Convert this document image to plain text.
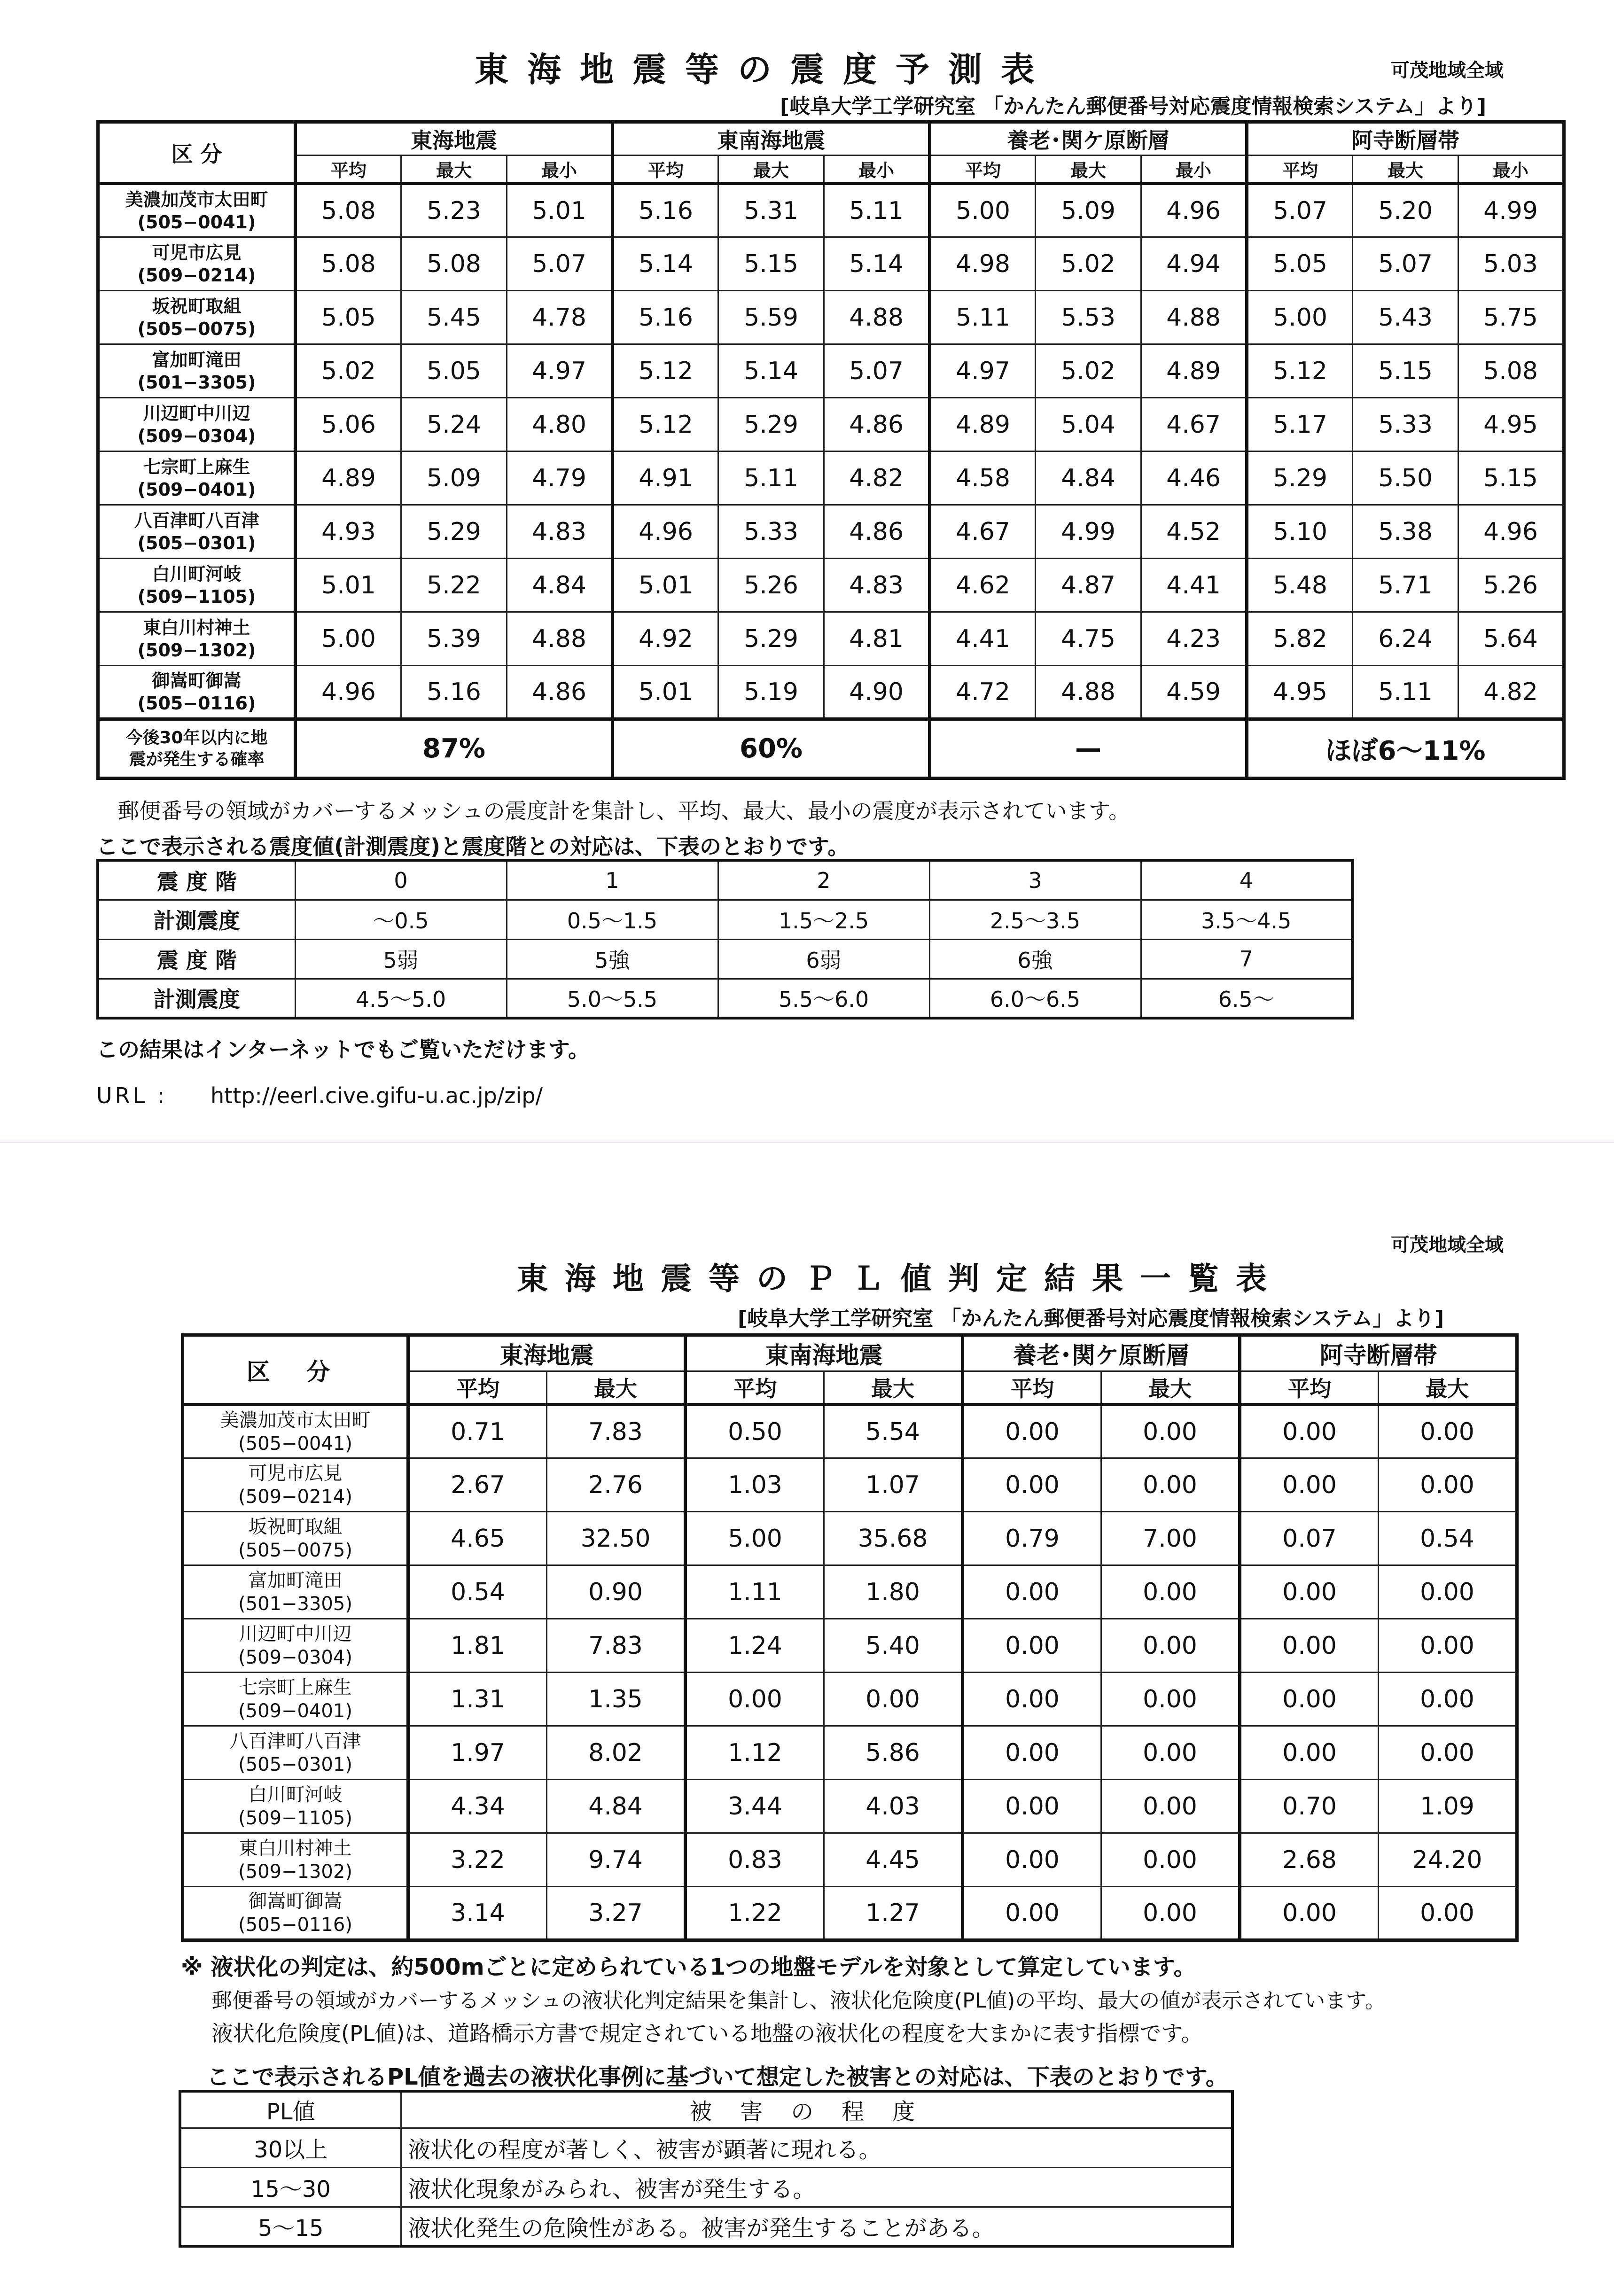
東海地震等の震度予測表	可茂地域全域
[岐阜大学工学研究室 「かんたん郵便番号対応震度情報検索システム」より]
区 分	東海地震			東南海地震			養老･関ケ原断層			阿寺断層帯		
	平均	最大	最小	平均	最大	最小	平均	最大	最小	平均	最大	最小

美濃加茂市太田町
(505−0041)	5.08	5.23	5.01	5.16	5.31	5.11	5.00	5.09	4.96	5.07	5.20	4.99

可児市広見
(509−0214)	5.08	5.08	5.07	5.14	5.15	5.14	4.98	5.02	4.94	5.05	5.07	5.03

坂祝町取組
(505−0075)	5.05	5.45	4.78	5.16	5.59	4.88	5.11	5.53	4.88	5.00	5.43	5.75

富加町滝田
(501−3305)	5.02	5.05	4.97	5.12	5.14	5.07	4.97	5.02	4.89	5.12	5.15	5.08

川辺町中川辺
(509−0304)	5.06	5.24	4.80	5.12	5.29	4.86	4.89	5.04	4.67	5.17	5.33	4.95

七宗町上麻生
(509−0401)	4.89	5.09	4.79	4.91	5.11	4.82	4.58	4.84	4.46	5.29	5.50	5.15

八百津町八百津
(505−0301)	4.93	5.29	4.83	4.96	5.33	4.86	4.67	4.99	4.52	5.10	5.38	4.96

白川町河岐
(509−1105)	5.01	5.22	4.84	5.01	5.26	4.83	4.62	4.87	4.41	5.48	5.71	5.26

東白川村神土
(509−1302)	5.00	5.39	4.88	4.92	5.29	4.81	4.41	4.75	4.23	5.82	6.24	5.64

御嵩町御嵩
(505−0116)	4.96	5.16	4.86	5.01	5.19	4.90	4.72	4.88	4.59	4.95	5.11	4.82

今後30年以内に地
震が発生する確率	87%			60%			—			ほぼ6〜11%		
郵便番号の領域がカバーするメッシュの震度計を集計し、平均、最大、最小の震度が表示されています。
ここで表示される震度値(計測震度)と震度階との対応は、下表のとおりです。
震 度 階	0	1	2	3	4
計測震度	〜0.5	0.5〜1.5	1.5〜2.5	2.5〜3.5	3.5〜4.5
震 度 階	5弱	5強	6弱	6強	7
計測震度	4.5〜5.0	5.0〜5.5	5.5〜6.0	6.0〜6.5	6.5〜
この結果はインターネットでもご覧いただけます。
URL : http://eerl.cive.gifu-u.ac.jp/zip/
可茂地域全域
東海地震等のＰＬ値判定結果一覧表
[岐阜大学工学研究室 「かんたん郵便番号対応震度情報検索システム」より]
区 分	東海地震		東南海地震		養老･関ケ原断層		阿寺断層帯	
	平均	最大	平均	最大	平均	最大	平均	最大

美濃加茂市太田町
(505−0041)	0.71	7.83	0.50	5.54	0.00	0.00	0.00	0.00

可児市広見
(509−0214)	2.67	2.76	1.03	1.07	0.00	0.00	0.00	0.00

坂祝町取組
(505−0075)	4.65	32.50	5.00	35.68	0.79	7.00	0.07	0.54

富加町滝田
(501−3305)	0.54	0.90	1.11	1.80	0.00	0.00	0.00	0.00

川辺町中川辺
(509−0304)	1.81	7.83	1.24	5.40	0.00	0.00	0.00	0.00

七宗町上麻生
(509−0401)	1.31	1.35	0.00	0.00	0.00	0.00	0.00	0.00

八百津町八百津
(505−0301)	1.97	8.02	1.12	5.86	0.00	0.00	0.00	0.00

白川町河岐
(509−1105)	4.34	4.84	3.44	4.03	0.00	0.00	0.70	1.09

東白川村神土
(509−1302)	3.22	9.74	0.83	4.45	0.00	0.00	2.68	24.20

御嵩町御嵩
(505−0116)	3.14	3.27	1.22	1.27	0.00	0.00	0.00	0.00
※ 液状化の判定は、約500mごとに定められている1つの地盤モデルを対象として算定しています。
郵便番号の領域がカバーするメッシュの液状化判定結果を集計し、液状化危険度(PL値)の平均、最大の値が表示されています。
液状化危険度(PL値)は、道路橋示方書で規定されている地盤の液状化の程度を大まかに表す指標です。
ここで表示されるPL値を過去の液状化事例に基づいて想定した被害との対応は、下表のとおりです。
PL値	被害の程度
30以上	液状化の程度が著しく、被害が顕著に現れる。
15〜30	液状化現象がみられ、被害が発生する。
5〜15	液状化発生の危険性がある。被害が発生することがある。
